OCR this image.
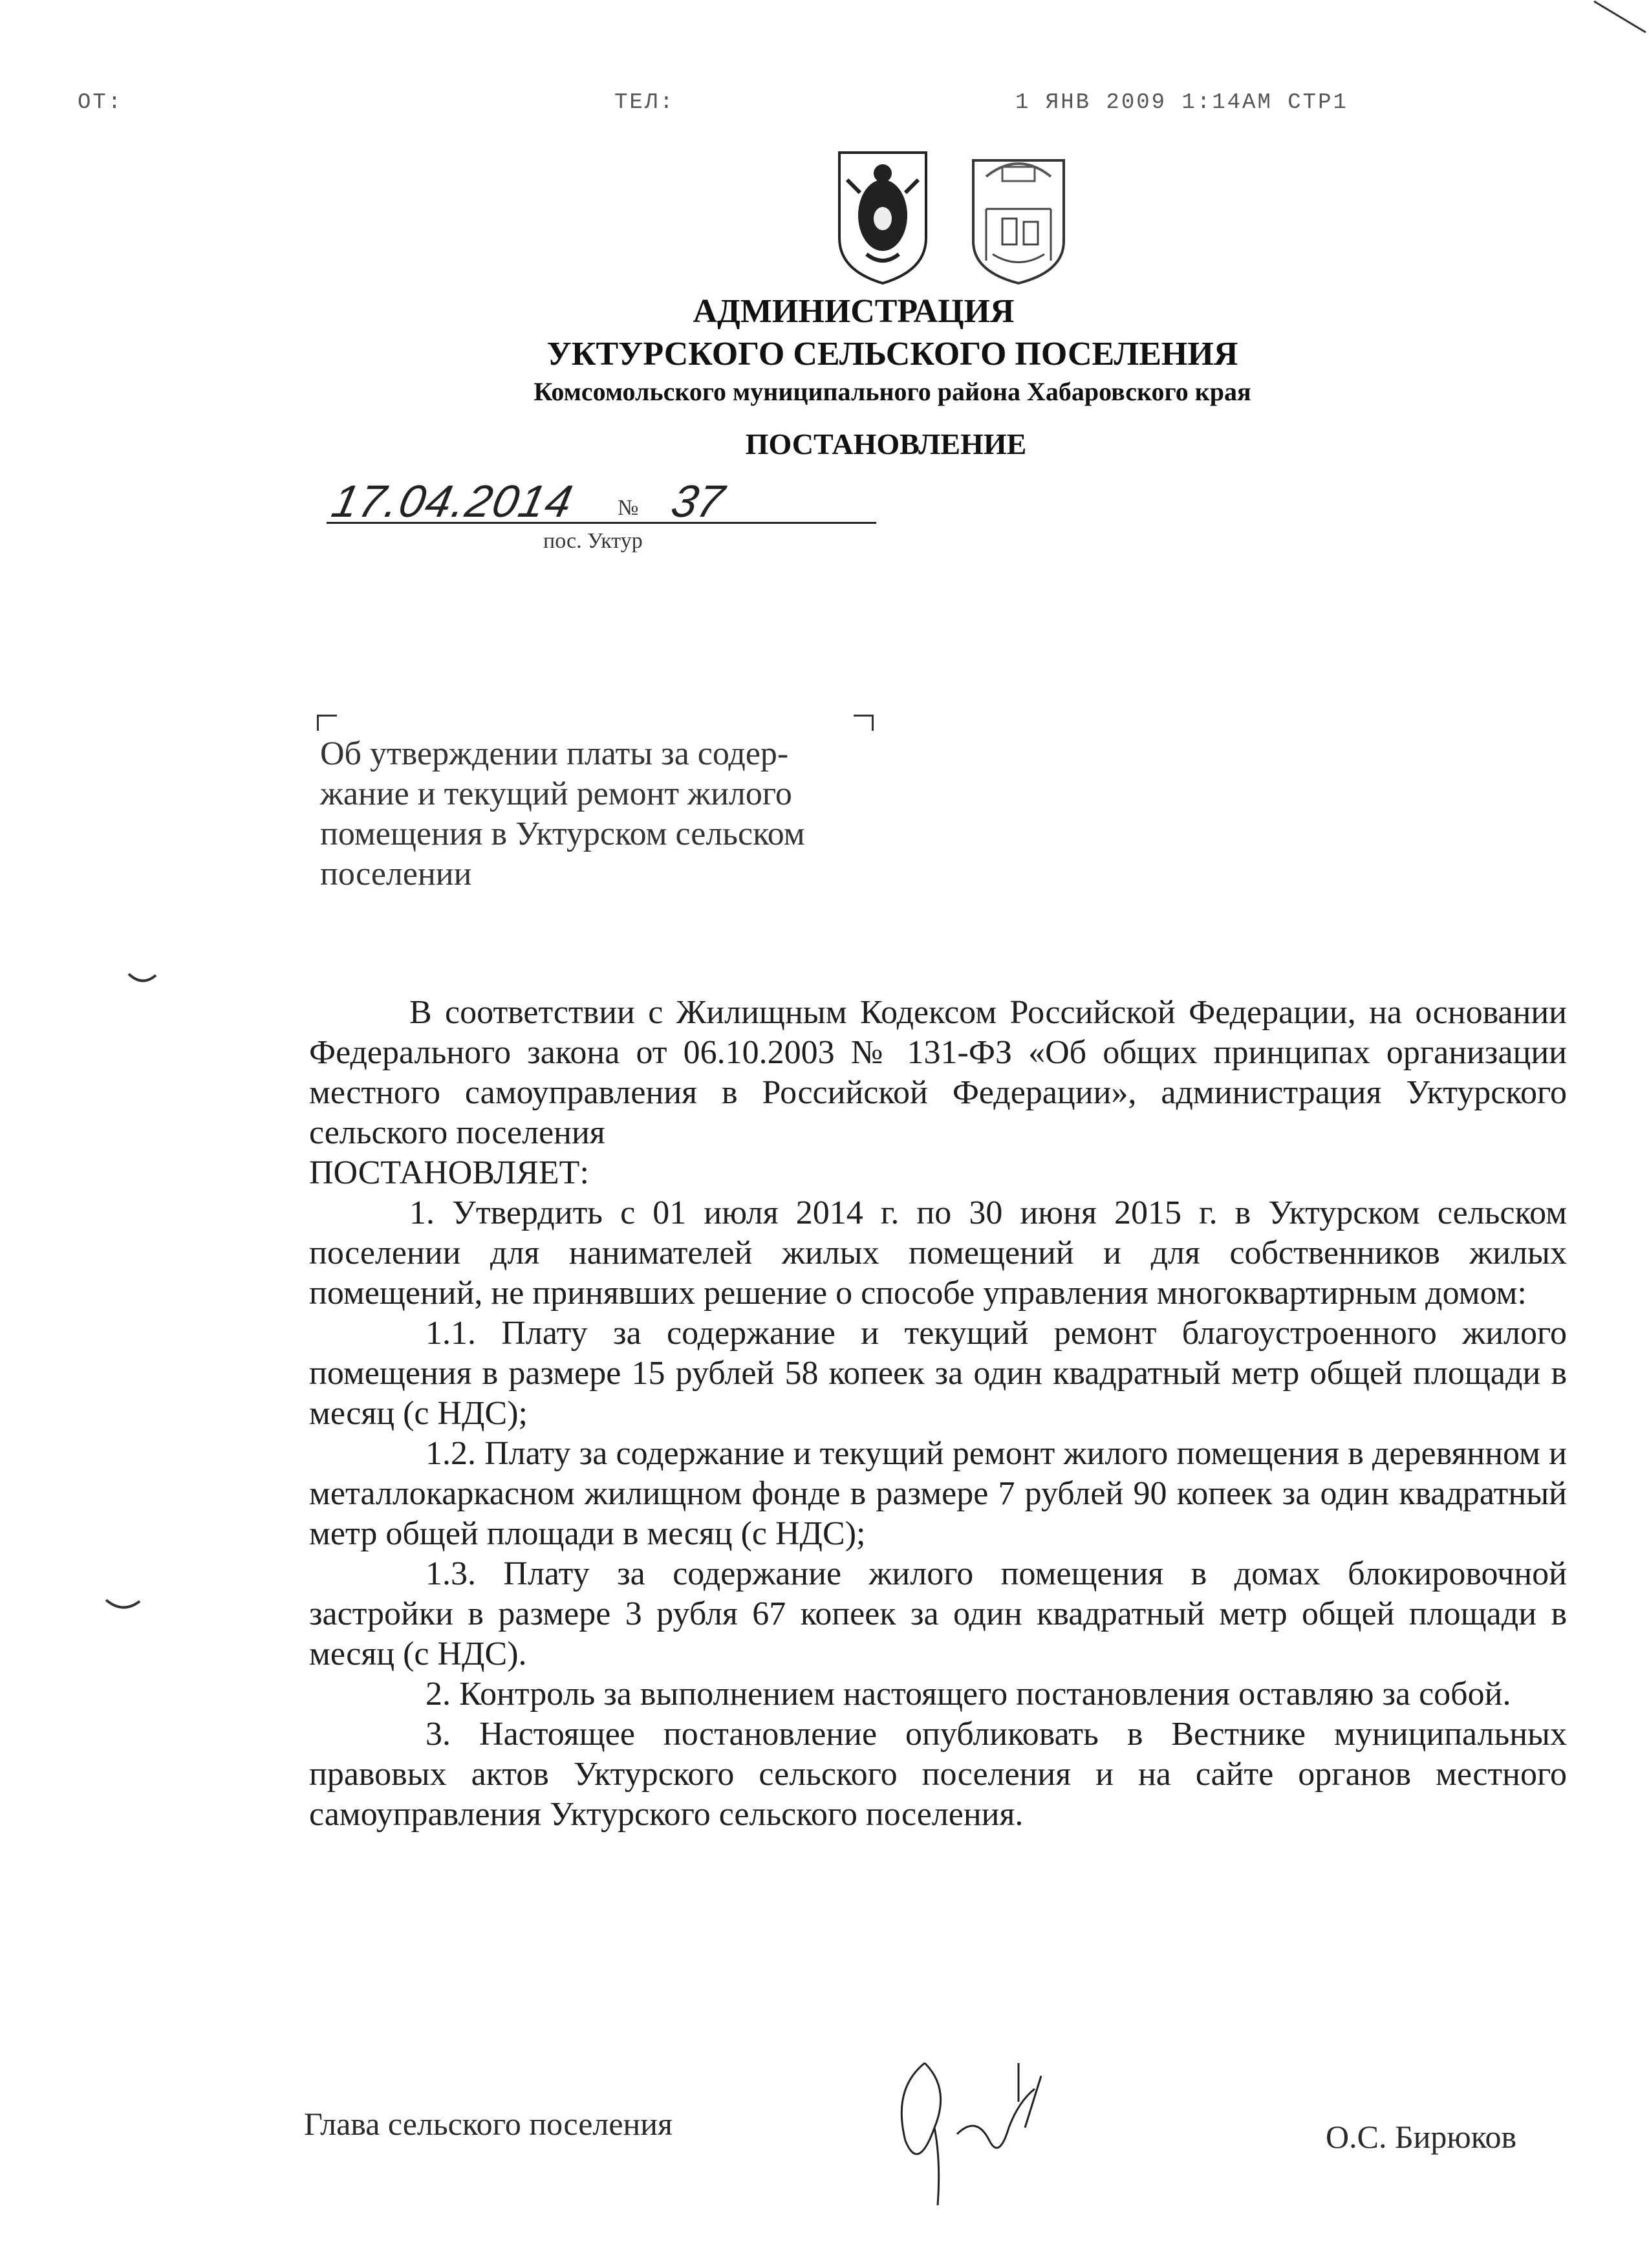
OT:	ТЕЛ:	1 ЯНВ 2009 1:14AM СТР1
АДМИНИСТРАЦИЯ
УКТУРСКОГО СЕЛЬСКОГО ПОСЕЛЕНИЯ
Комсомольского муниципального района Хабаровского края
ПОСТАНОВЛЕНИЕ
17.04.2014 № 37
пос. Уктур
Об утверждении платы за содер-
жание и текущий ремонт жилого
помещения в Уктурском сельском
поселении

В соответствии с Жилищным Кодексом Российской Федерации, на основании Федерального закона от 06.10.2003 № 131-ФЗ «Об общих принципах организации местного самоуправления в Российской Федерации», администрация Уктурского сельского поселения

ПОСТАНОВЛЯЕТ:

1. Утвердить с 01 июля 2014 г. по 30 июня 2015 г. в Уктурском сельском поселении для нанимателей жилых помещений и для собственников жилых помещений, не принявших решение о способе управления многоквартирным домом:

1.1. Плату за содержание и текущий ремонт благоустроенного жилого помещения в размере 15 рублей 58 копеек за один квадратный метр общей площади в месяц (с НДС);

1.2. Плату за содержание и текущий ремонт жилого помещения в деревянном и металлокаркасном жилищном фонде в размере 7 рублей 90 копеек за один квадратный метр общей площади в месяц (с НДС);

1.3. Плату за содержание жилого помещения в домах блокировочной застройки в размере 3 рубля 67 копеек за один квадратный метр общей площади в месяц (с НДС).

2. Контроль за выполнением настоящего постановления оставляю за собой.

3. Настоящее постановление опубликовать в Вестнике муниципальных правовых актов Уктурского сельского поселения и на сайте органов местного самоуправления Уктурского сельского поселения.

Глава сельского поселения	О.С. Бирюков
